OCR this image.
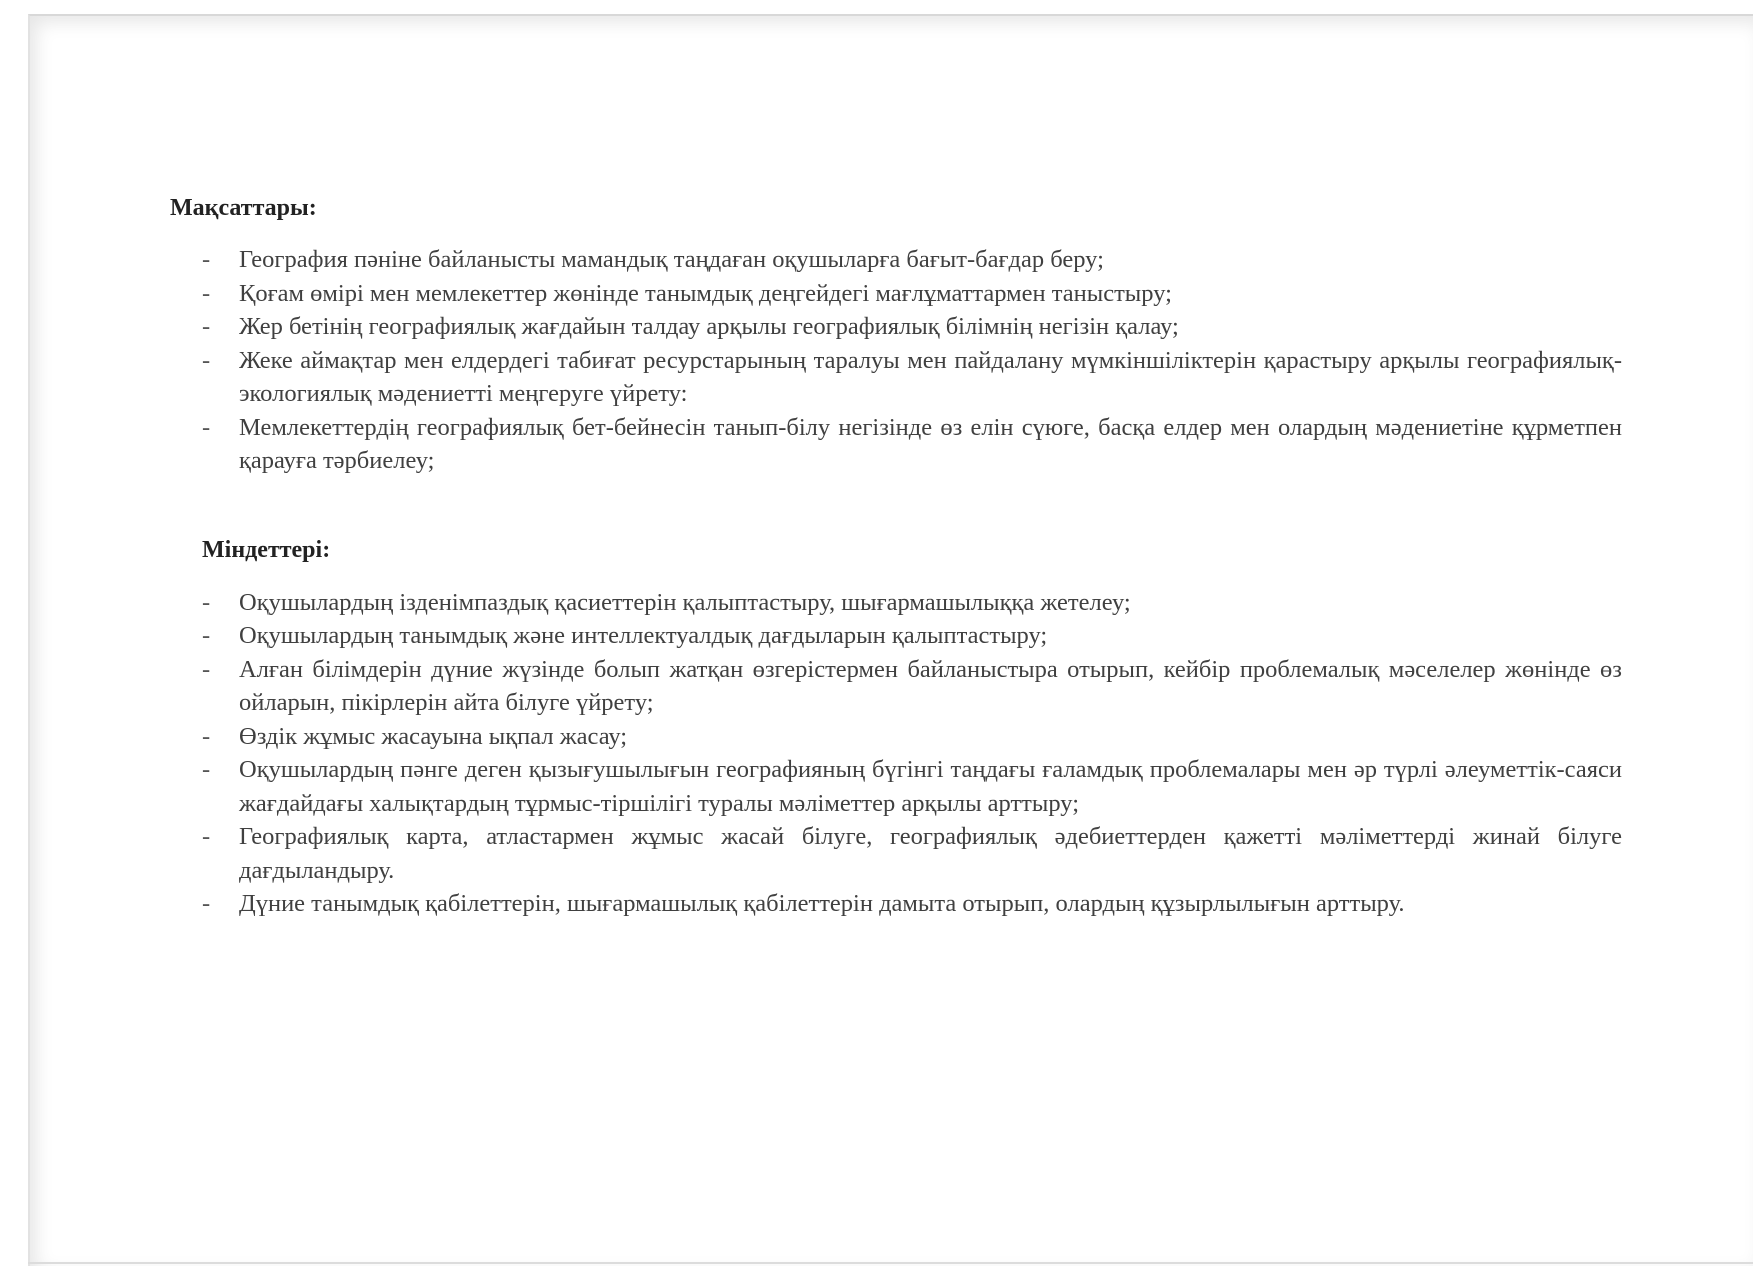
Мақсаттары:
- География пәніне байланысты мамандық таңдаған оқушыларға бағыт-бағдар беру;
- Қоғам өмірі мен мемлекеттер жөнінде танымдық деңгейдегі мағлұматтармен таныстыру;
- Жер бетінің географиялық жағдайын талдау арқылы географиялық білімнің негізін қалау;
- Жеке аймақтар мен елдердегі табиғат ресурстарының таралуы мен пайдалану мүмкіншіліктерін қарастыру арқылы географиялық-экологиялық мәдениетті меңгеруге үйрету:
- Мемлекеттердің географиялық бет-бейнесін танып-білу негізінде өз елін сүюге, басқа елдер мен олардың мәдениетіне құрметпен қарауға тәрбиелеу;
Міндеттері:
- Оқушылардың ізденімпаздық қасиеттерін қалыптастыру, шығармашылыққа жетелеу;
- Оқушылардың танымдық және интеллектуалдық дағдыларын қалыптастыру;
- Алған білімдерін дүние жүзінде болып жатқан өзгерістермен байланыстыра отырып, кейбір проблемалық мәселелер жөнінде өз ойларын, пікірлерін айта білуге үйрету;
- Өздік жұмыс жасауына ықпал жасау;
- Оқушылардың пәнге деген қызығушылығын географияның бүгінгі таңдағы ғаламдық проблемалары мен әр түрлі әлеуметтік-саяси жағдайдағы халықтардың тұрмыс-тіршілігі туралы мәліметтер арқылы арттыру;
- Географиялық карта, атластармен жұмыс жасай білуге, географиялық әдебиеттерден қажетті мәліметтерді жинай білуге дағдыландыру.
- Дүние танымдық қабілеттерін, шығармашылық қабілеттерін дамыта отырып, олардың құзырлылығын арттыру.
